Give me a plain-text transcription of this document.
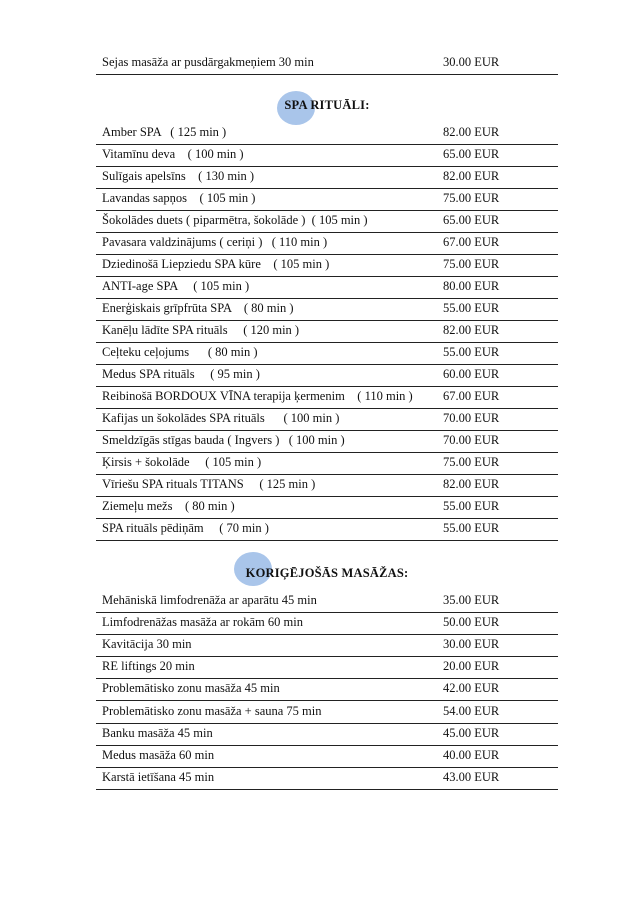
Sejas masāža ar pusdārgakmeņiem 30 min	30.00 EUR
SPA RITUĀLI:
Amber SPA   ( 125 min )	82.00 EUR
Vitamīnu deva    ( 100 min )	65.00 EUR
Sulīgais apelsīns    ( 130 min )	82.00 EUR
Lavandas sapņos    ( 105 min )	75.00 EUR
Šokolādes duets ( piparmētra, šokolāde )  ( 105 min )	65.00 EUR
Pavasara valdzinājums ( ceriņi )   ( 110 min )	67.00 EUR
Dziedinošā Liepziedu SPA kūre    ( 105 min )	75.00 EUR
ANTI-age SPA     ( 105 min )	80.00 EUR
Enerģiskais grīpfrūta SPA    ( 80 min )	55.00 EUR
Kanēļu lādīte SPA rituāls     ( 120 min )	82.00 EUR
Ceļteku ceļojums      ( 80 min )	55.00 EUR
Medus SPA rituāls     ( 95 min )	60.00 EUR
Reibinošā BORDOUX VĪNA terapija ķermenim    ( 110 min ) 67.00 EUR
Kafijas un šokolādes SPA rituāls      ( 100 min )	70.00 EUR
Smeldzīgās stīgas bauda ( Ingvers )   ( 100 min )	70.00 EUR
Ķirsis + šokolāde     ( 105 min )	75.00 EUR
Vīriešu SPA rituals TITANS     ( 125 min )	82.00 EUR
Ziemeļu mežs    ( 80 min )	55.00 EUR
SPA rituāls pēdiņām     ( 70 min )	55.00 EUR
KORIĢĒJOŠĀS MASĀŽAS:
Mehāniskā limfodrenāža ar aparātu 45 min	35.00 EUR
Limfodrenāžas masāža ar rokām 60 min	50.00 EUR
Kavitācija 30 min	30.00 EUR
RE liftings 20 min	20.00 EUR
Problemātisko zonu masāža 45 min	42.00 EUR
Problemātisko zonu masāža + sauna 75 min	54.00 EUR
Banku masāža 45 min	45.00 EUR
Medus masāža 60 min	40.00 EUR
Karstā ietīšana 45 min	43.00 EUR
